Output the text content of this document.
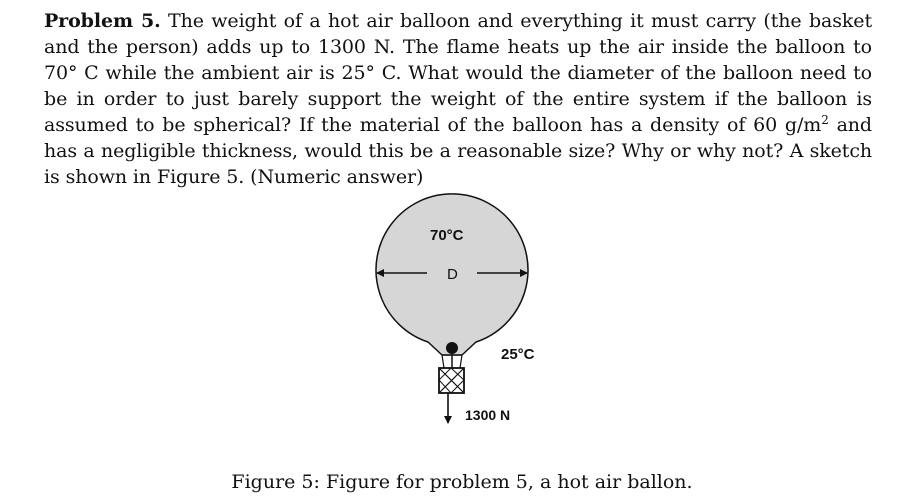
Problem 5. The weight of a hot air balloon and everything it must carry (the basket and the person) adds up to 1300 N. The flame heats up the air inside the balloon to 70° C while the ambient air is 25° C. What would the diameter of the balloon need to be in order to just barely support the weight of the entire system if the balloon is assumed to be spherical? If the material of the balloon has a density of 60 $g/m^2$ and has a negligible thickness, would this be a reasonable size? Why or why not? A sketch is shown in Figure 5. (Numeric answer)
70°C
D
25°C
1300 N
Figure 5: Figure for problem 5, a hot air ballon.
